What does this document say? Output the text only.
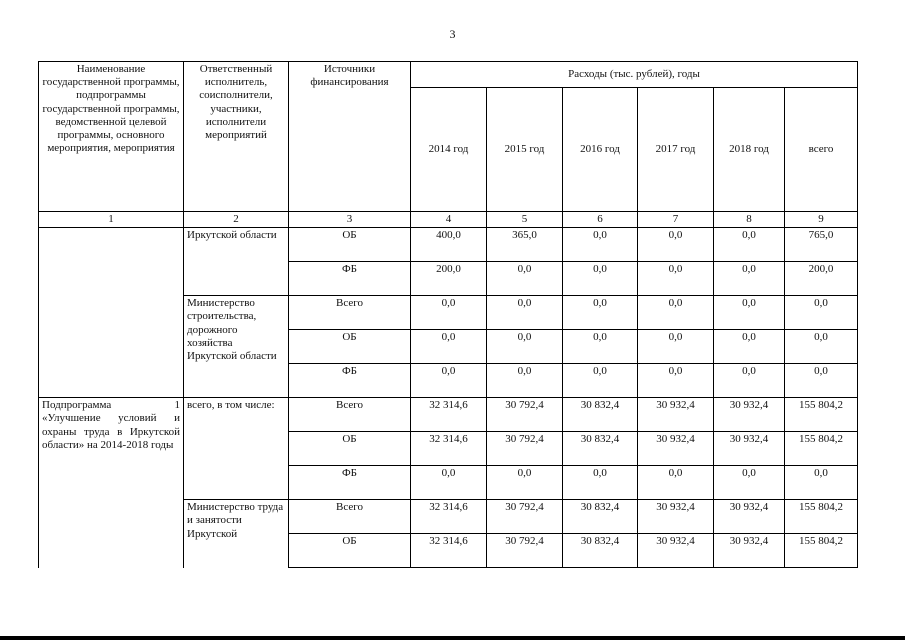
3
Наименование государственной программы, подпрограммы государственной программы, ведомственной целевой программы, основного мероприятия, мероприятия	Ответственный исполнитель, соисполнители, участники, исполнители мероприятий	Источники финансирования	Расходы (тыс. рублей), годы					
			2014 год	2015 год	2016 год	2017 год	2018 год	всего
1	2	3	4	5	6	7	8	9
	Иркутской области	ОБ	400,0	365,0	0,0	0,0	0,0	765,0
		ФБ	200,0	0,0	0,0	0,0	0,0	200,0
	Министерство строительства, дорожного хозяйства Иркутской области	Всего	0,0	0,0	0,0	0,0	0,0	0,0
		ОБ	0,0	0,0	0,0	0,0	0,0	0,0
		ФБ	0,0	0,0	0,0	0,0	0,0	0,0
Подпрограмма 1 «Улучшение условий и охраны труда в Иркутской области» на 2014-2018 годы	всего, в том числе:	Всего	32 314,6	30 792,4	30 832,4	30 932,4	30 932,4	155 804,2
		ОБ	32 314,6	30 792,4	30 832,4	30 932,4	30 932,4	155 804,2
		ФБ	0,0	0,0	0,0	0,0	0,0	0,0
	Министерство труда и занятости Иркутской	Всего	32 314,6	30 792,4	30 832,4	30 932,4	30 932,4	155 804,2
		ОБ	32 314,6	30 792,4	30 832,4	30 932,4	30 932,4	155 804,2
